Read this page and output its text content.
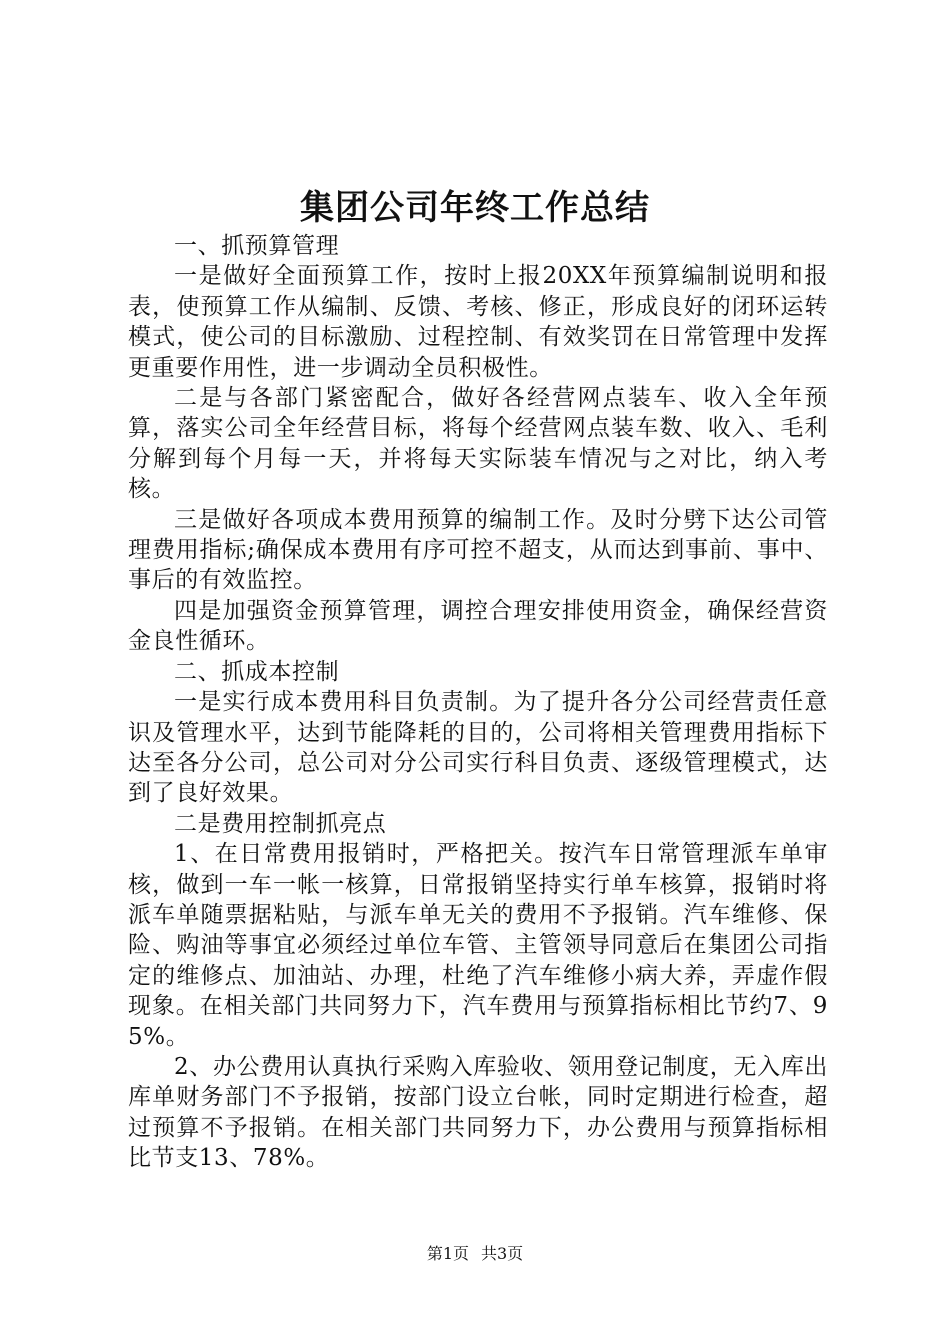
集团公司年终工作总结

一、抓预算管理

一是做好全面预算工作，按时上报20XX年预算编制说明和报表，使预算工作从编制、反馈、考核、修正，形成良好的闭环运转模式，使公司的目标激励、过程控制、有效奖罚在日常管理中发挥更重要作用性，进一步调动全员积极性。

二是与各部门紧密配合，做好各经营网点装车、收入全年预算，落实公司全年经营目标，将每个经营网点装车数、收入、毛利分解到每个月每一天，并将每天实际装车情况与之对比，纳入考核。

三是做好各项成本费用预算的编制工作。及时分劈下达公司管理费用指标;确保成本费用有序可控不超支，从而达到事前、事中、事后的有效监控。

四是加强资金预算管理，调控合理安排使用资金，确保经营资金良性循环。

二、抓成本控制

一是实行成本费用科目负责制。为了提升各分公司经营责任意识及管理水平，达到节能降耗的目的，公司将相关管理费用指标下达至各分公司，总公司对分公司实行科目负责、逐级管理模式，达到了良好效果。

二是费用控制抓亮点

1、在日常费用报销时，严格把关。按汽车日常管理派车单审核，做到一车一帐一核算，日常报销坚持实行单车核算，报销时将派车单随票据粘贴，与派车单无关的费用不予报销。汽车维修、保险、购油等事宜必须经过单位车管、主管领导同意后在集团公司指定的维修点、加油站、办理，杜绝了汽车维修小病大养，弄虚作假现象。在相关部门共同努力下，汽车费用与预算指标相比节约7、95%。

2、办公费用认真执行采购入库验收、领用登记制度，无入库出库单财务部门不予报销，按部门设立台帐，同时定期进行检查，超过预算不予报销。在相关部门共同努力下，办公费用与预算指标相比节支13、78%。

第1页 共3页
